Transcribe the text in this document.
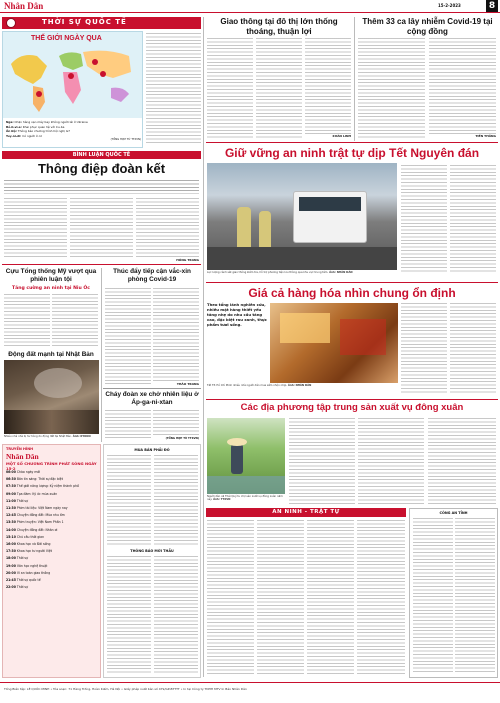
Nhân Dân	15-2-2023	8
THỜI SỰ QUỐC TẾ
THẾ GIỚI NGÀY QUA
Nga: Chặn hàng vạn máy bay không người lái ở Ukraine
Bồ-li-vi-a: Khai phục quan hệ với Cu-ba
Ấn Độ: Thông báo chương trình hội nghị G7
Tuy-ni-di: Có người ở cơ
(TỔNG HỢP TỪ TTXVN)
BÌNH LUẬN QUỐC TẾ
Thông điệp đoàn kết
HỒNG TRANG
Cựu Tổng thống Mỹ vượt qua phiên luận tội
Tăng cường an ninh tại Niu Óc
Động đất mạnh tại Nhật Bản
Nhiều nhà nhà bị hư hỏng do động đất tại Nhật Bản. Ảnh: KYODO
Thúc đẩy tiếp cận vắc-xin phòng Covid-19
THẢO TRANG
Cháy đoàn xe chở nhiên liệu ở Áp-ga-ni-xtan
(TỔNG HỢP TỪ TTXVN)
TRUYỀN HÌNH
Nhân Dân
MỘT SỐ CHƯƠNG TRÌNH PHÁT SÓNG NGÀY 15-2
06:00 Chào ngày mới
06:30 Bản tin sáng: Thời sự đặc biệt
07:30 Thế giới năng lượng: Kỷ niệm thành phố
09:00 Tọa đàm: Ký ức mùa xuân
11:00 Thời sự
11:30 Phim tài liệu: Việt Nam ngày nay
12:45 Chuyện đồng đất: Mùa nhu ấm
13:30 Phim truyện: Việt Nam Phần 1
14:00 Chuyện đồng đất: Nhân ơi
15:10 Chú cầu thời gian
16:00 Khoa học và Đời sống
17:30 Khoa học tư người Việt
18:00 Thời sự
19:00 Văn học nghệ thuật
20:00 Vì an toàn giao thông
21:45 Thời sự quốc tế
22:00 Thời sự
MUA BÁN PHẢI ĐÓ
THÔNG BÁO MỜI THẦU
Giao thông tại đô thị lớn thống thoáng, thuận lợi
XUÂN LINH
Thêm 33 ca lây nhiễm Covid-19 tại cộng đồng
TIẾN THĂNG
Giữ vững an ninh trật tự dịp Tết Nguyên đán
Lực lượng cảnh sát giao thông kiểm tra, hỗ trợ phương tiện lưu thông qua khu vực trung tâm. Ảnh: NHÂN DÂN
Giá cả hàng hóa nhìn chung ổn định
Theo tổng lãnh nghiên cứu, nhiều mặt hàng thiết yếu tăng nhẹ do nhu cầu tăng cao, đặc biệt rau xanh, thực phẩm tươi sống.
Tết TP. Hồ Chí Minh nhiều nhà người dân mua sắm nhộn nhịp. Ảnh: NHÂN DÂN
Các địa phương tập trung sản xuất vụ đông xuân
Người dân xã Thái Quý tu chợ sản xuất vụ đông xuân năm nay. Ảnh: TTXVN
AN NINH - TRẬT TỰ	CÔNG AN TỈNH
Tổng Biên tập: LÊ QUỐC MINH • Tòa soạn: 71 Hàng Trống, Hoàn Kiếm, Hà Nội • Giấy phép xuất bản số 479/GP-BTTTT • In tại Công ty TNHH MTV In Báo Nhân Dân
